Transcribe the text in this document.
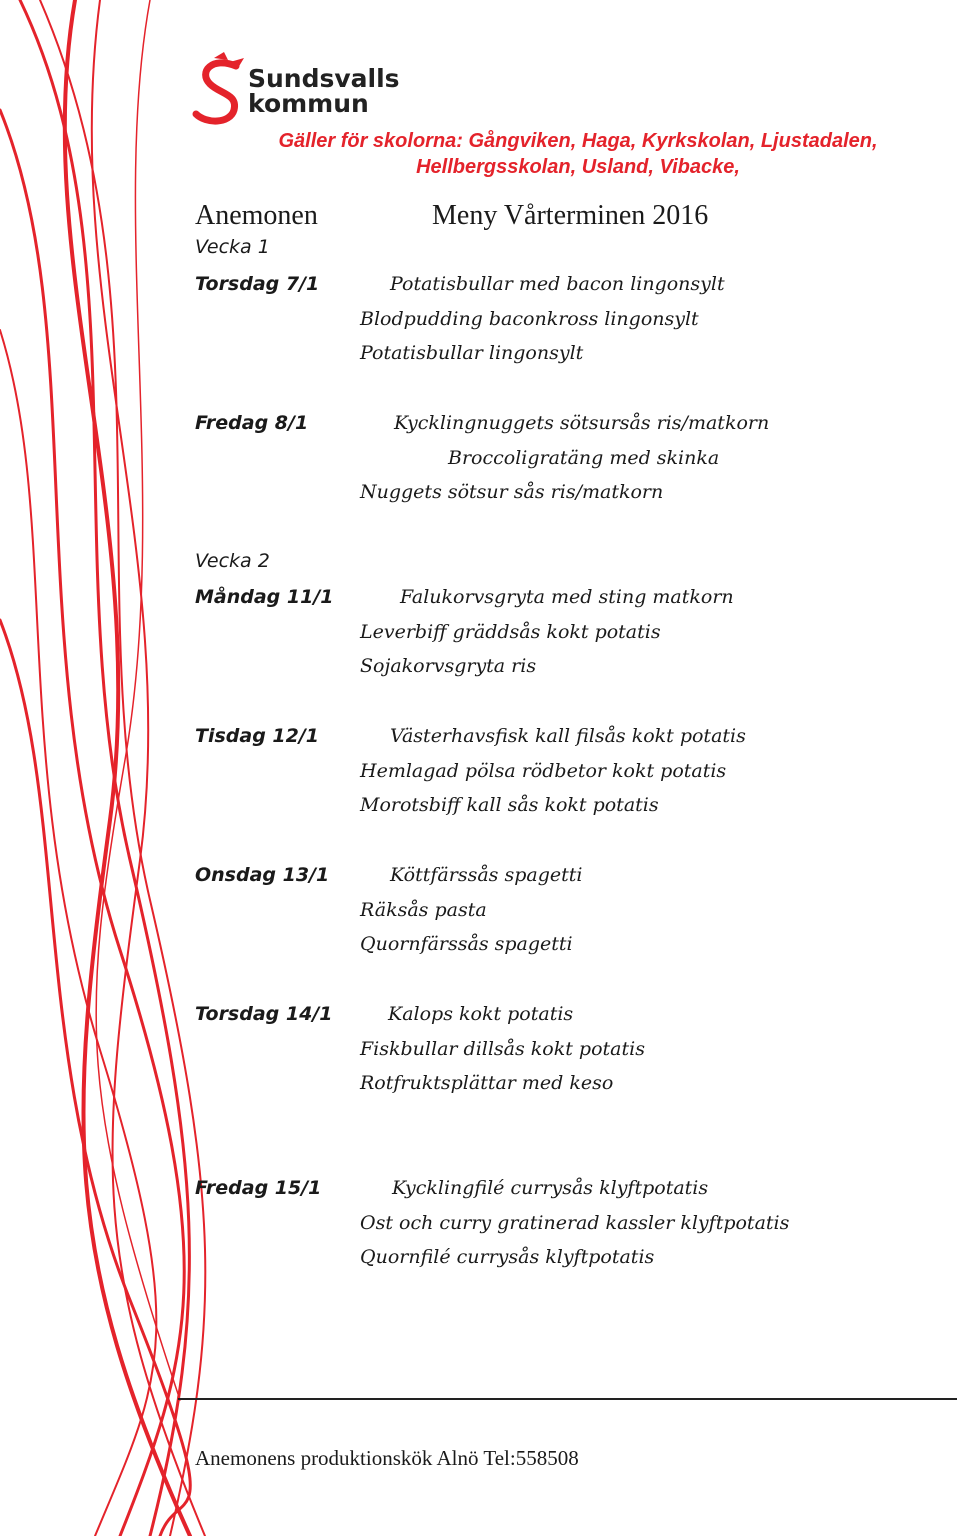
Sundsvalls
kommun
Gäller för skolorna: Gångviken, Haga, Kyrkskolan, Ljustadalen,
Hellbergsskolan, Usland, Vibacke,
Anemonen	Meny Vårterminen 2016
Vecka 1
Torsdag 7/1	Potatisbullar med bacon lingonsylt
Blodpudding baconkross lingonsylt
Potatisbullar lingonsylt
Fredag 8/1	Kycklingnuggets sötsursås ris/matkorn
Broccoligratäng med skinka
Nuggets sötsur sås ris/matkorn
Vecka 2
Måndag 11/1	Falukorvsgryta med sting matkorn
Leverbiff gräddsås kokt potatis
Sojakorvsgryta ris
Tisdag 12/1	Västerhavsfisk kall filsås kokt potatis
Hemlagad pölsa rödbetor kokt potatis
Morotsbiff kall sås kokt potatis
Onsdag 13/1	Köttfärssås spagetti
Räksås pasta
Quornfärssås spagetti
Torsdag 14/1	Kalops kokt potatis
Fiskbullar dillsås kokt potatis
Rotfruktsplättar med keso
Fredag 15/1	Kycklingfilé currysås klyftpotatis
Ost och curry gratinerad kassler klyftpotatis
Quornfilé currysås klyftpotatis
Anemonens produktionskök Alnö Tel:558508
